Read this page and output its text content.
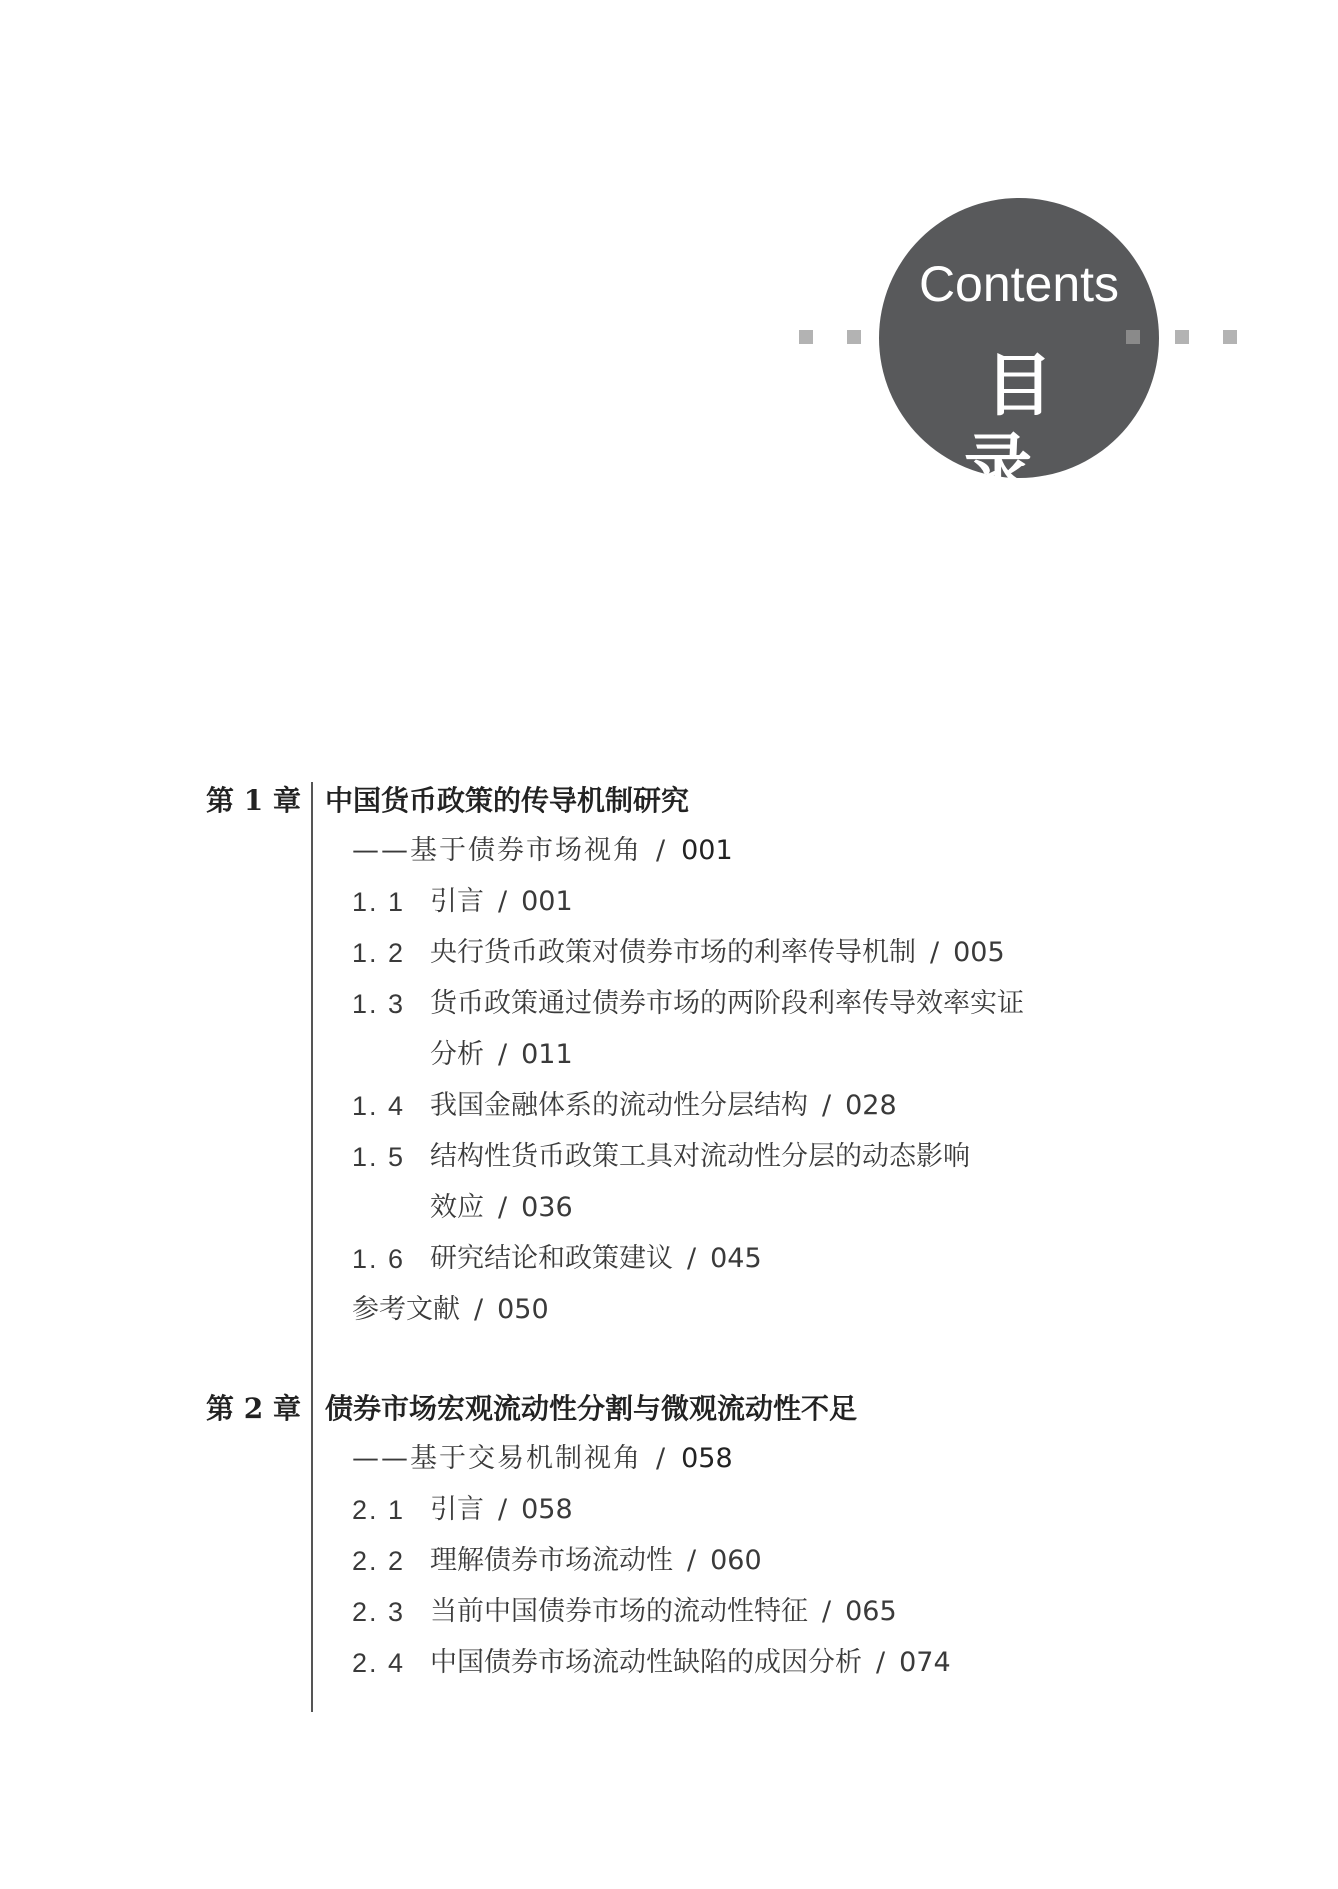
Contents
目 录
第 1 章 中国货币政策的传导机制研究
——基于债券市场视角 / 001
1. 1 引言 / 001
1. 2 央行货币政策对债券市场的利率传导机制 / 005
1. 3 货币政策通过债券市场的两阶段利率传导效率实证
分析 / 011
1. 4 我国金融体系的流动性分层结构 / 028
1. 5 结构性货币政策工具对流动性分层的动态影响
效应 / 036
1. 6 研究结论和政策建议 / 045
参考文献 / 050
第 2 章 债券市场宏观流动性分割与微观流动性不足
——基于交易机制视角 / 058
2. 1 引言 / 058
2. 2 理解债券市场流动性 / 060
2. 3 当前中国债券市场的流动性特征 / 065
2. 4 中国债券市场流动性缺陷的成因分析 / 074
